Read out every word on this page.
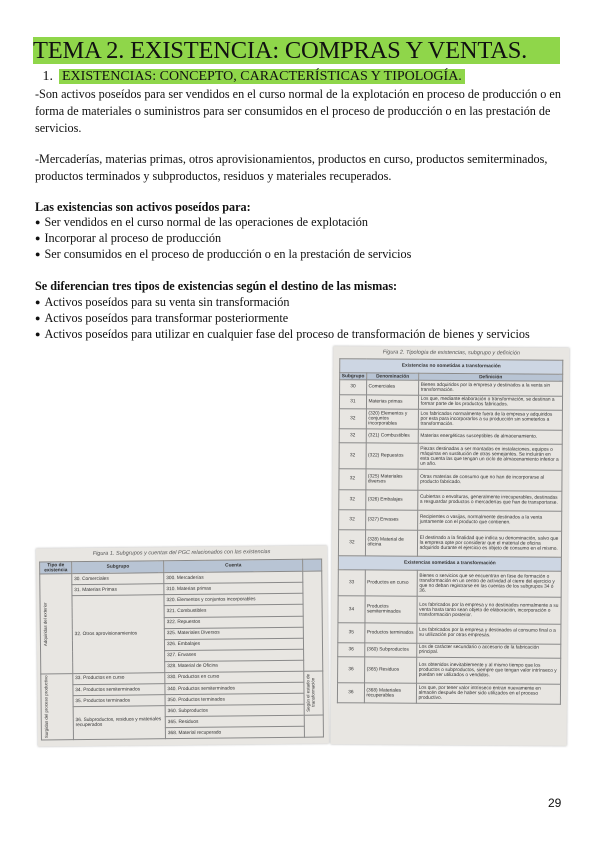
TEMA 2. EXISTENCIA: COMPRAS Y VENTAS.
1. EXISTENCIAS: CONCEPTO, CARACTERÍSTICAS Y TIPOLOGÍA.
-Son activos poseídos para ser vendidos en el curso normal de la explotación en proceso de producción o en forma de materiales o suministros para ser consumidos en el proceso de producción o en las prestación de servicios.
-Mercaderías, materias primas, otros aprovisionamientos, productos en curso, productos semiterminados, productos terminados y subproductos, residuos y materiales recuperados.
Las existencias son activos poseídos para:
● Ser vendidos en el curso normal de las operaciones de explotación
● Incorporar al proceso de producción
● Ser consumidos en el proceso de producción o en la prestación de servicios
Se diferencian tres tipos de existencias según el destino de las mismas:
● Activos poseídos para su venta sin transformación
● Activos poseídos para transformar posteriormente
● Activos poseídos para utilizar en cualquier fase del proceso de transformación de bienes y servicios
Figura 1. Subgrupos y cuentas del PGC relacionados con las existencias
Tipo de existencia	Subgrupo	Cuenta	

Adquiridas del exterior	30. Comerciales	300. Mercaderías	
	31. Materias Primas	310. Materias primas	
	32. Otros aprovisionamientos	320. Elementos y conjuntos incorporables	
		321. Combustibles	
		322. Repuestos	
		325. Materiales Diversos	
		326. Embalajes	
		327. Envases	
		328. Material de Oficina	

Surgidas del proceso productivo	33. Productos en curso	330. Productos en curso	Según el estado de transformación

	34. Productos semiterminados	340. Productos semiterminados	
	35. Productos terminados	350. Productos terminados	
	36. Subproductos, residuos y materiales recuperados	360. Subproductos	
		365. Residuos	
		368. Material recuperado	
Figura 2. Tipología de existencias, subgrupo y definición
Existencias no sometidas a transformación		
Subgrupo	Denominación	Definición
30	Comerciales	Bienes adquiridos por la empresa y destinados a la venta sin transformación.
31	Materias primas	Los que, mediante elaboración o transformación, se destinan a formar parte de los productos fabricados.
32	(320) Elementos y conjuntos incorporables	Los fabricados normalmente fuera de la empresa y adquiridos por esta para incorporarlos a su producción sin someterlos a transformación.
32	(321) Combustibles	Materias energéticas susceptibles de almacenamiento.
32	(322) Repuestos	Piezas destinadas a ser montadas en instalaciones, equipos o máquinas en sustitución de otras semejantes. Se incluirán en esta cuenta las que tengan un ciclo de almacenamiento inferior a un año.
32	(325) Materiales diversos	Otras materias de consumo que no han de incorporarse al producto fabricado.
32	(326) Embalajes	Cubiertas o envolturas, generalmente irrecuperables, destinadas a resguardar productos o mercaderías que han de transportarse.
32	(327) Envases	Recipientes o vasijas, normalmente destinados a la venta juntamente con el producto que contienen.
32	(328) Material de oficina	El destinado a la finalidad que indica su denominación, salvo que la empresa opte por considerar que el material de oficina adquirido durante el ejercicio es objeto de consumo en el mismo.
Existencias sometidas a transformación		
33	Productos en curso	Bienes o servicios que se encuentran en fase de formación o transformación en un centro de actividad al cierre del ejercicio y que no deban registrarse en las cuentas de los subgrupos 34 ó 36.
34	Productos semiterminados	Los fabricados por la empresa y no destinados normalmente a su venta hasta tanto sean objeto de elaboración, incorporación o transformación posterior.
35	Productos terminados	Los fabricados por la empresa y destinados al consumo final o a su utilización por otras empresas.
36	(360) Subproductos	Los de carácter secundario o accesorio de la fabricación principal.
36	(365) Residuos	Los obtenidos inevitablemente y al mismo tiempo que los productos o subproductos, siempre que tengan valor intrínseco y puedan ser utilizados o vendidos.
36	(368) Materiales recuperables	Los que, por tener valor intrínseco entran nuevamente en almacén después de haber sido utilizados en el proceso productivo.
29
